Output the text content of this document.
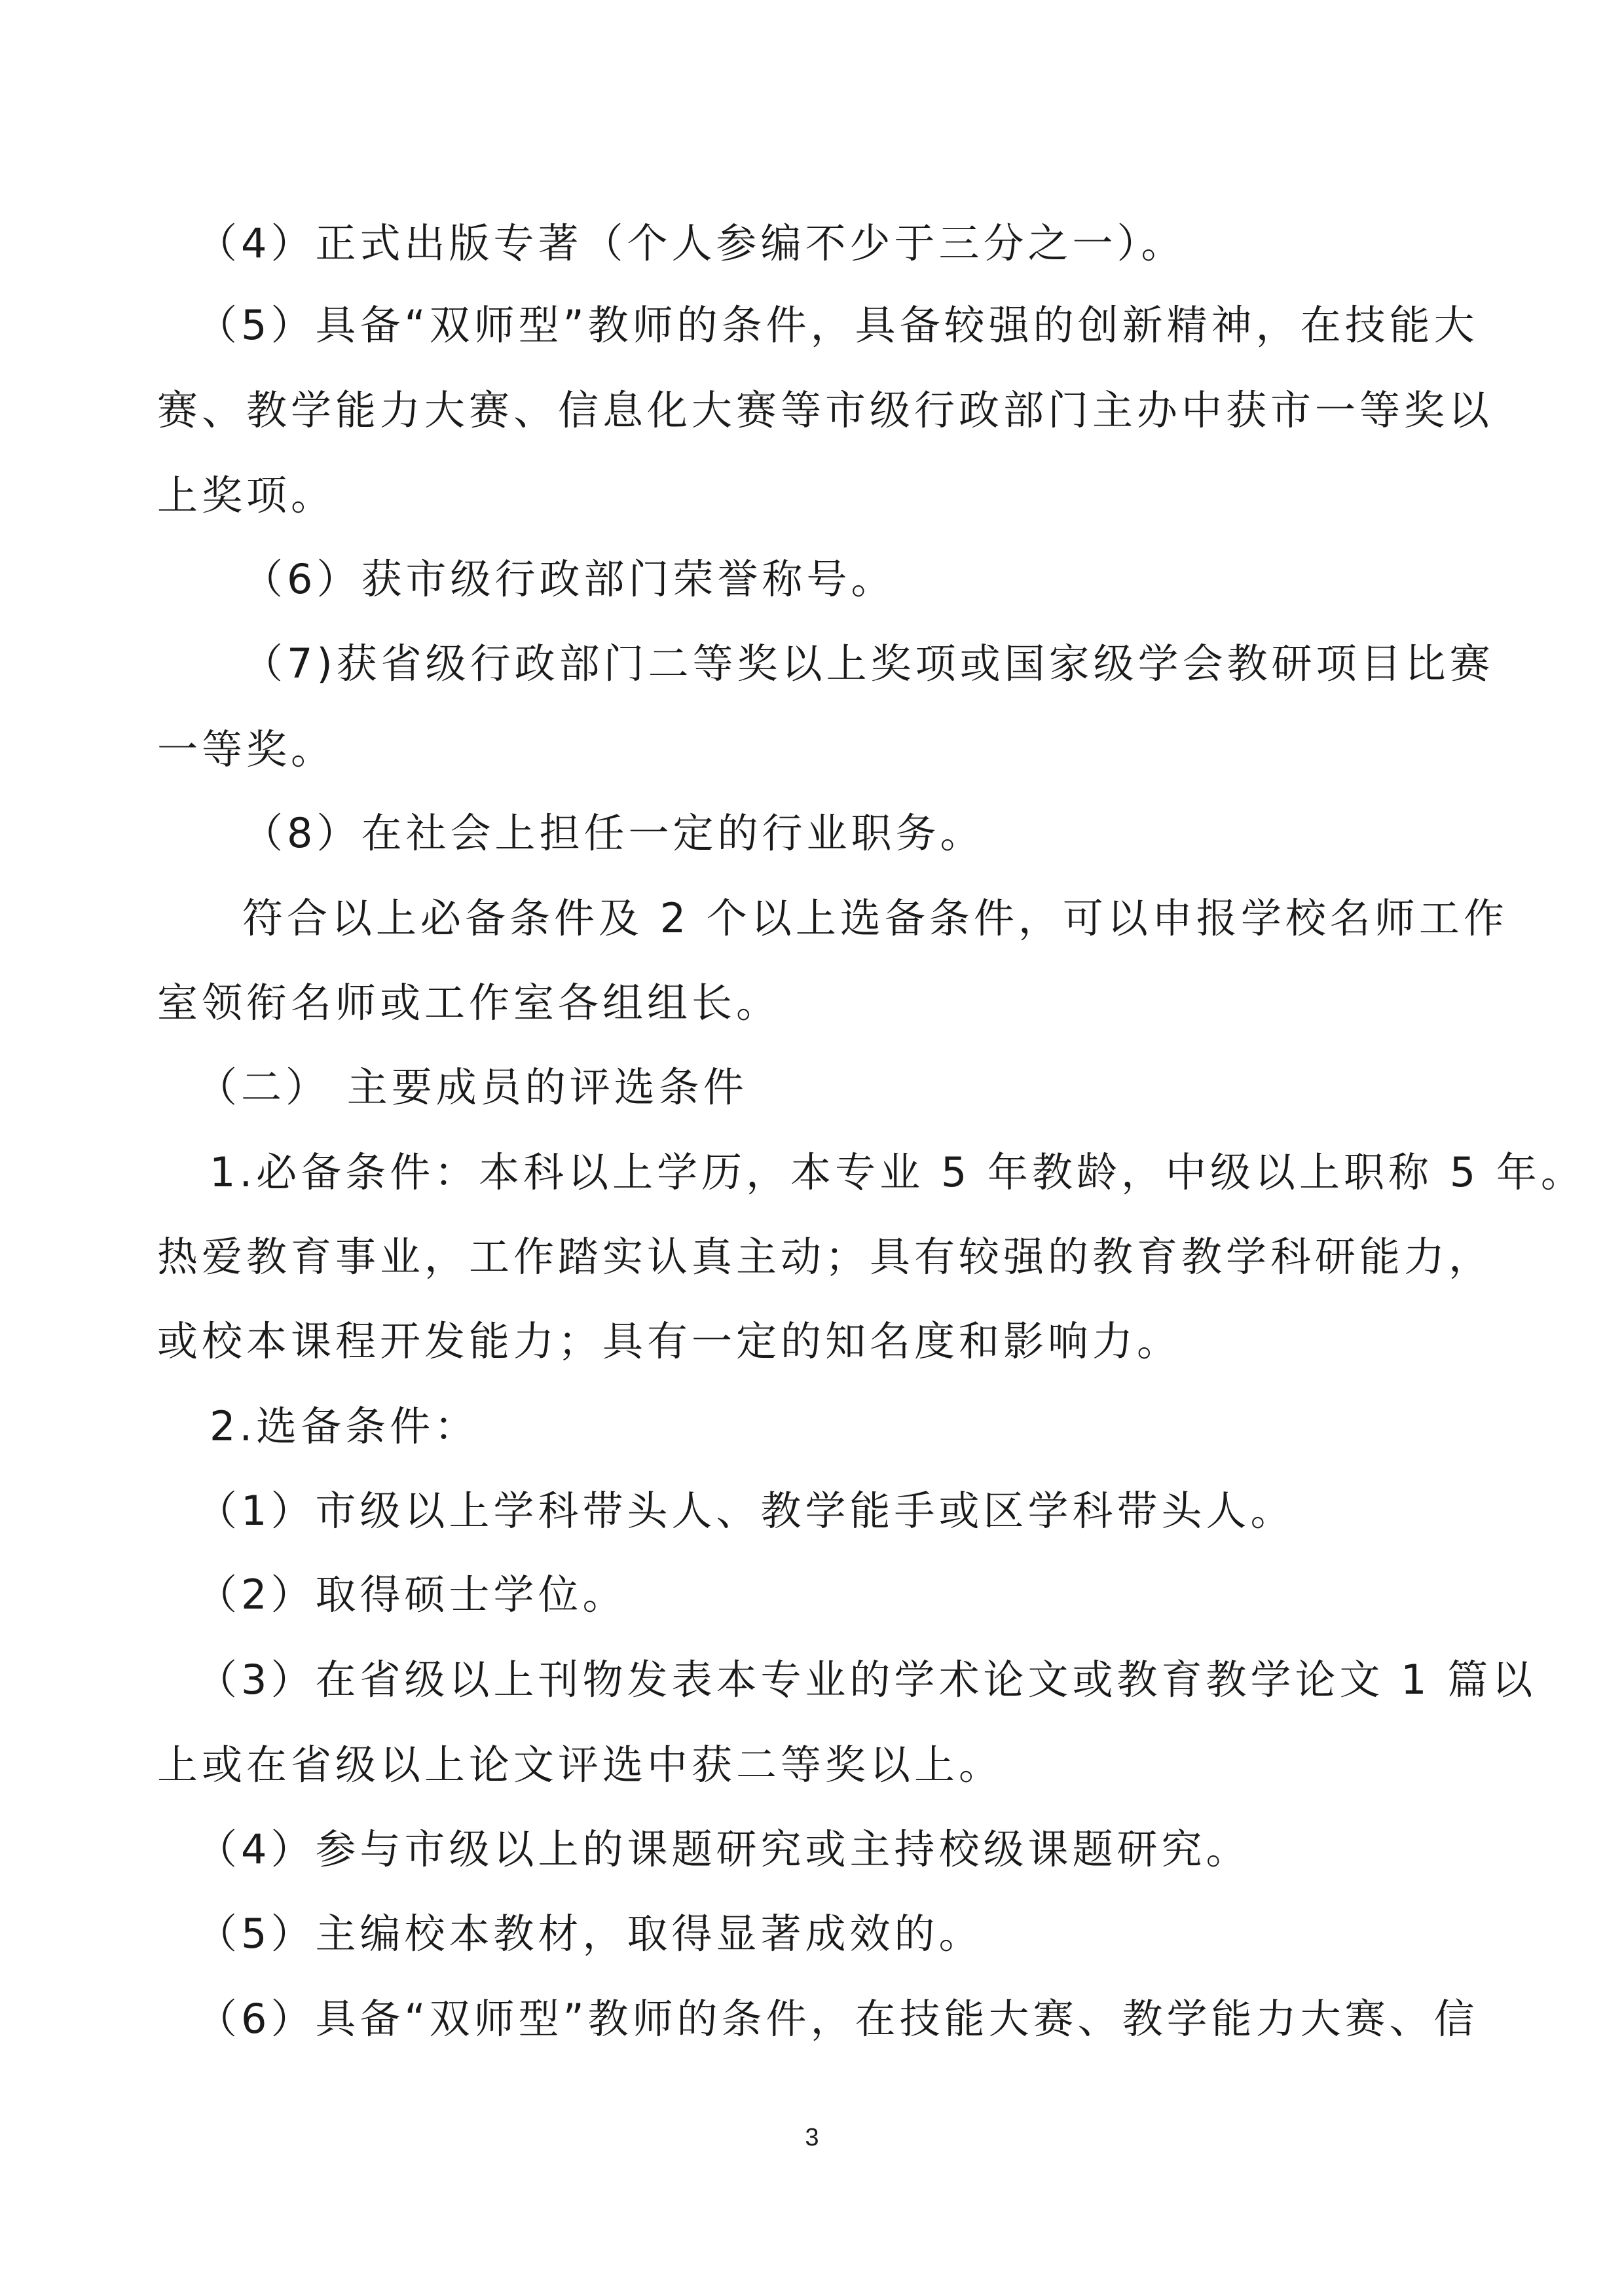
（4）正式出版专著（个人参编不少于三分之一）。
（5）具备“双师型”教师的条件，具备较强的创新精神，在技能大
赛、教学能力大赛、信息化大赛等市级行政部门主办中获市一等奖以
上奖项。
（6）获市级行政部门荣誉称号。
（7)获省级行政部门二等奖以上奖项或国家级学会教研项目比赛
一等奖。
（8）在社会上担任一定的行业职务。
符合以上必备条件及 2 个以上选备条件，可以申报学校名师工作
室领衔名师或工作室各组组长。
（二） 主要成员的评选条件
1.必备条件：本科以上学历，本专业 5 年教龄，中级以上职称 5 年。
热爱教育事业，工作踏实认真主动；具有较强的教育教学科研能力，
或校本课程开发能力；具有一定的知名度和影响力。
2.选备条件：
（1）市级以上学科带头人、教学能手或区学科带头人。
（2）取得硕士学位。
（3）在省级以上刊物发表本专业的学术论文或教育教学论文 1 篇以
上或在省级以上论文评选中获二等奖以上。
（4）参与市级以上的课题研究或主持校级课题研究。
（5）主编校本教材，取得显著成效的。
（6）具备“双师型”教师的条件，在技能大赛、教学能力大赛、信
3
